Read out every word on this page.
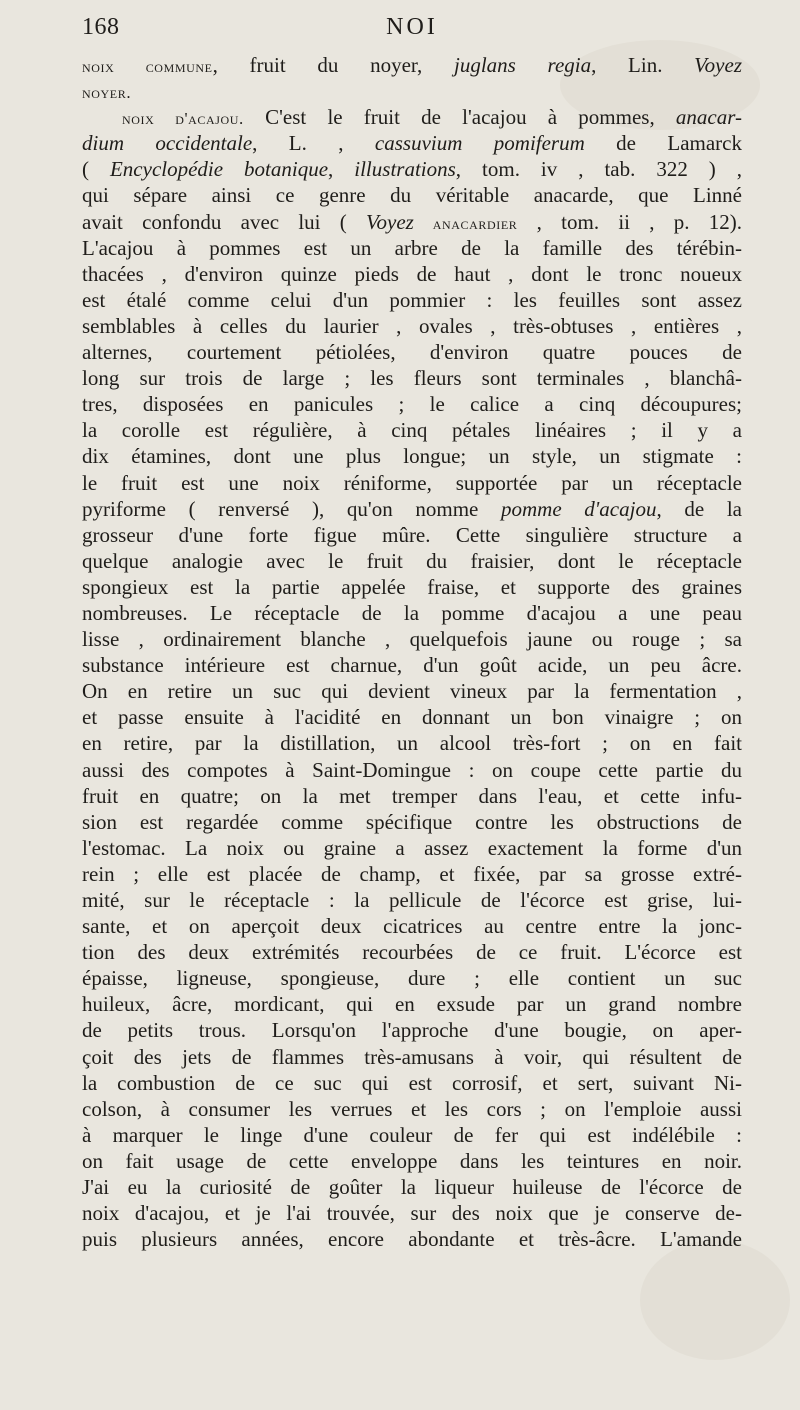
168	NOI
noix commune, fruit du noyer, juglans regia, Lin. Voyez
noyer.
noix d'acajou. C'est le fruit de l'acajou à pommes, anacar-
dium occidentale, L. , cassuvium pomiferum de Lamarck
( Encyclopédie botanique, illustrations, tom. iv , tab. 322 ) ,
qui sépare ainsi ce genre du véritable anacarde, que Linné
avait confondu avec lui ( Voyez anacardier , tom. ii , p. 12).
L'acajou à pommes est un arbre de la famille des térébin-
thacées , d'environ quinze pieds de haut , dont le tronc noueux
est étalé comme celui d'un pommier : les feuilles sont assez
semblables à celles du laurier , ovales , très-obtuses , entières ,
alternes, courtement pétiolées, d'environ quatre pouces de
long sur trois de large ; les fleurs sont terminales , blanchâ-
tres, disposées en panicules ; le calice a cinq découpures;
la corolle est régulière, à cinq pétales linéaires ; il y a
dix étamines, dont une plus longue; un style, un stigmate :
le fruit est une noix réniforme, supportée par un réceptacle
pyriforme ( renversé ), qu'on nomme pomme d'acajou, de la
grosseur d'une forte figue mûre. Cette singulière structure a
quelque analogie avec le fruit du fraisier, dont le réceptacle
spongieux est la partie appelée fraise, et supporte des graines
nombreuses. Le réceptacle de la pomme d'acajou a une peau
lisse , ordinairement blanche , quelquefois jaune ou rouge ; sa
substance intérieure est charnue, d'un goût acide, un peu âcre.
On en retire un suc qui devient vineux par la fermentation ,
et passe ensuite à l'acidité en donnant un bon vinaigre ; on
en retire, par la distillation, un alcool très-fort ; on en fait
aussi des compotes à Saint-Domingue : on coupe cette partie du
fruit en quatre; on la met tremper dans l'eau, et cette infu-
sion est regardée comme spécifique contre les obstructions de
l'estomac. La noix ou graine a assez exactement la forme d'un
rein ; elle est placée de champ, et fixée, par sa grosse extré-
mité, sur le réceptacle : la pellicule de l'écorce est grise, lui-
sante, et on aperçoit deux cicatrices au centre entre la jonc-
tion des deux extrémités recourbées de ce fruit. L'écorce est
épaisse, ligneuse, spongieuse, dure ; elle contient un suc
huileux, âcre, mordicant, qui en exsude par un grand nombre
de petits trous. Lorsqu'on l'approche d'une bougie, on aper-
çoit des jets de flammes très-amusans à voir, qui résultent de
la combustion de ce suc qui est corrosif, et sert, suivant Ni-
colson, à consumer les verrues et les cors ; on l'emploie aussi
à marquer le linge d'une couleur de fer qui est indélébile :
on fait usage de cette enveloppe dans les teintures en noir.
J'ai eu la curiosité de goûter la liqueur huileuse de l'écorce de
noix d'acajou, et je l'ai trouvée, sur des noix que je conserve de-
puis plusieurs années, encore abondante et très-âcre. L'amande
